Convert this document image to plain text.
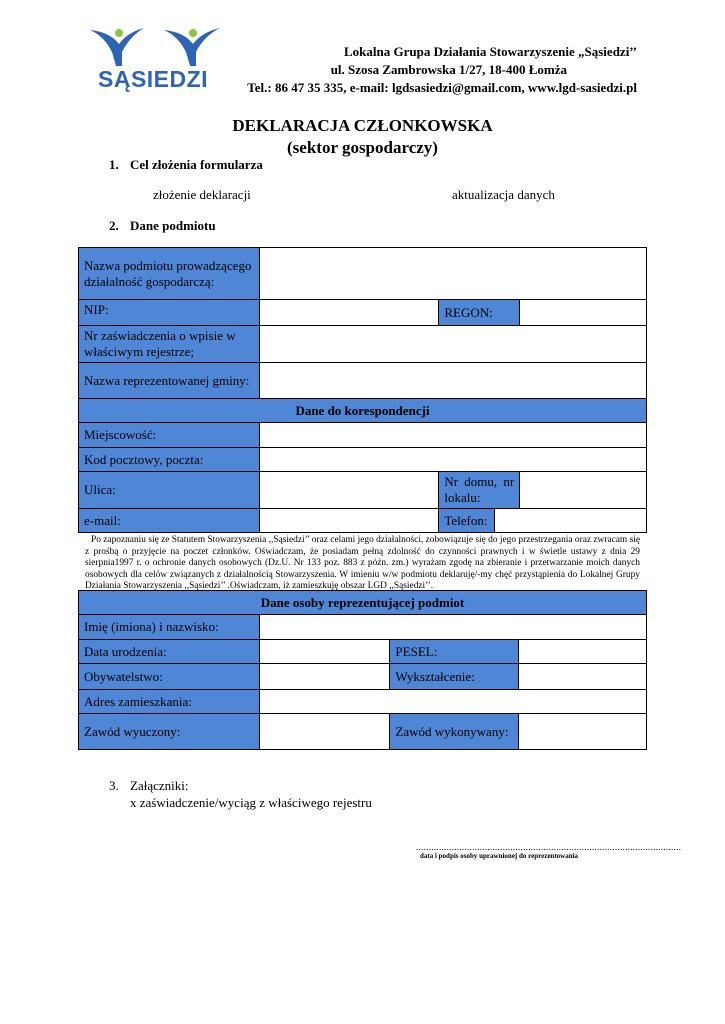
SĄSIEDZI
Lokalna Grupa Działania Stowarzyszenie „Sąsiedzi’’
ul. Szosa Zambrowska 1/27, 18-400 Łomża
Tel.: 86 47 35 335, e-mail: lgdsasiedzi@gmail.com, www.lgd-sasiedzi.pl
DEKLARACJA CZŁONKOWSKA
(sektor gospodarczy)
1. Cel złożenia formularza
złożenie deklaracji	aktualizacja danych
2. Dane podmiotu
Nazwa podmiotu prowadzącego działalność gospodarczą:				
NIP:		REGON:		
Nr zaświadczenia o wpisie w właściwym rejestrze;				
Nazwa reprezentowanej gminy:				
Dane do korespondencji				
Miejscowość:				
Kod pocztowy, poczta:				
Ulica:		Nr domu, nr
lokalu:		

e-mail:		Telefon:		
Po zapoznaniu się ze Statutem Stowarzyszenia ,,Sąsiedzi’’ oraz celami jego działalności, zobowiązuje się do jego przestrzegania oraz zwracam się z prośbą o przyjęcie na poczet członków. Oświadczam, że posiadam pełną zdolność do czynności prawnych i w świetle ustawy z dnia 29 sierpnia1997 r. o ochronie danych osobowych (Dz.U. Nr 133 poz. 883 z późn. zm.) wyrażam zgodę na zbieranie i przetwarzanie moich danych osobowych dla celów związanych z działalnością Stowarzyszenia. W imieniu w/w podmiotu deklaruję/-my chęć przystąpienia do Lokalnej Grupy Działania Stowarzyszenia ,,Sąsiedzi’’ .Oświadczam, iż zamieszkuję obszar LGD ,,Sąsiedzi’’.
Dane osoby reprezentującej podmiot			
Imię (imiona) i nazwisko:			
Data urodzenia:		PESEL:	
Obywatelstwo:		Wykształcenie:	
Adres zamieszkania:			
Zawód wyuczony:		Zawód wykonywany:	
3. Załączniki:
x zaświadczenie/wyciąg z właściwego rejestru
........................................................................................................
data i podpis osoby uprawnionej do reprezentowania
